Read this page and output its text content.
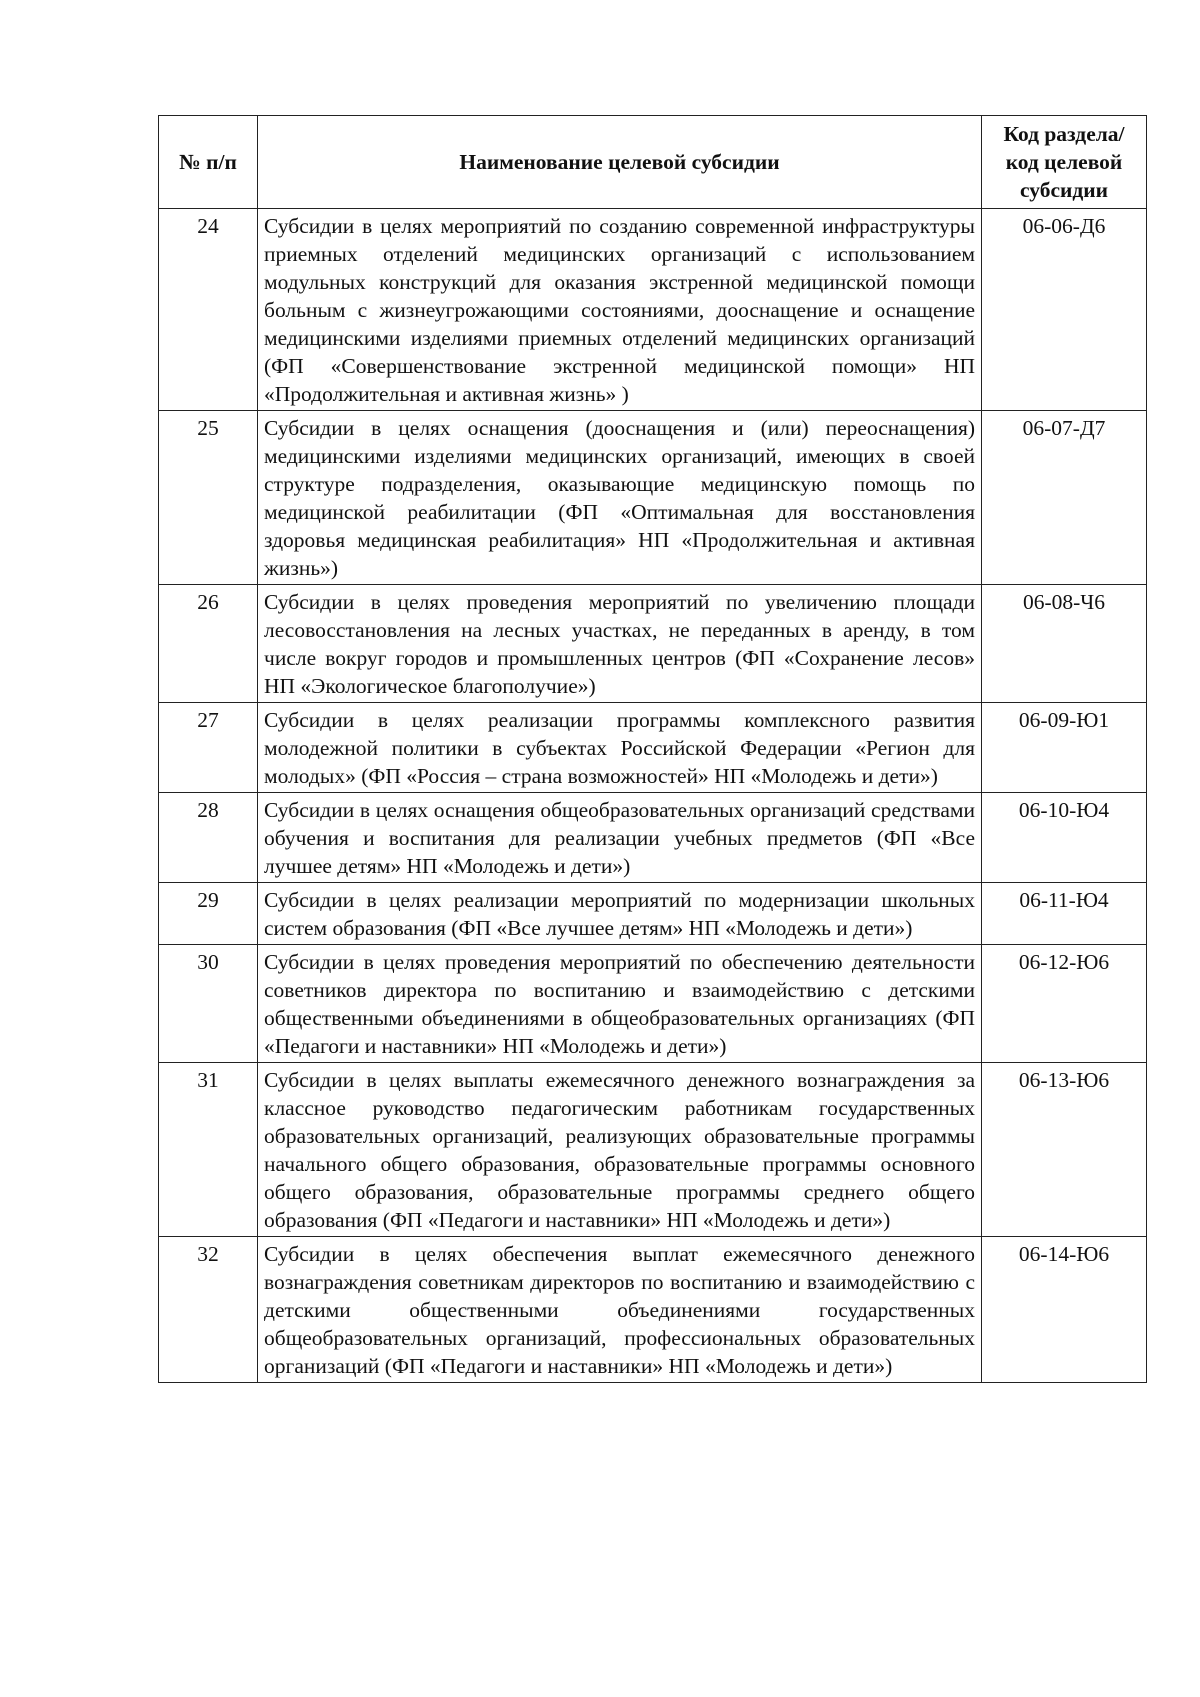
№ п/п	Наименование целевой субсидии	Код раздела/ код целевой субсидии
24	Субсидии в целях мероприятий по созданию современной инфраструктуры приемных отделений медицинских организаций с использованием модульных конструкций для оказания экстренной медицинской помощи больным с жизнеугрожающими состояниями, дооснащение и оснащение медицинскими изделиями приемных отделений медицинских организаций (ФП «Совершенствование экстренной медицинской помощи» НП «Продолжительная и активная жизнь» )	06-06-Д6
25	Субсидии в целях оснащения (дооснащения и (или) переоснащения) медицинскими изделиями медицинских организаций, имеющих в своей структуре подразделения, оказывающие медицинскую помощь по медицинской реабилитации (ФП «Оптимальная для восстановления здоровья медицинская реабилитация» НП «Продолжительная и активная жизнь»)	06-07-Д7
26	Субсидии в целях проведения мероприятий по увеличению площади лесовосстановления на лесных участках, не переданных в аренду, в том числе вокруг городов и промышленных центров (ФП «Сохранение лесов» НП «Экологическое благополучие»)	06-08-Ч6
27	Субсидии в целях реализации программы комплексного развития молодежной политики в субъектах Российской Федерации «Регион для молодых» (ФП «Россия – страна возможностей» НП «Молодежь и дети»)	06-09-Ю1
28	Субсидии в целях оснащения общеобразовательных организаций средствами обучения и воспитания для реализации учебных предметов (ФП «Все лучшее детям» НП «Молодежь и дети»)	06-10-Ю4
29	Субсидии в целях реализации мероприятий по модернизации школьных систем образования (ФП «Все лучшее детям» НП «Молодежь и дети»)	06-11-Ю4
30	Субсидии в целях проведения мероприятий по обеспечению деятельности советников директора по воспитанию и взаимодействию с детскими общественными объединениями в общеобразовательных организациях (ФП «Педагоги и наставники» НП «Молодежь и дети»)	06-12-Ю6
31	Субсидии в целях выплаты ежемесячного денежного вознаграждения за классное руководство педагогическим работникам государственных образовательных организаций, реализующих образовательные программы начального общего образования, образовательные программы основного общего образования, образовательные программы среднего общего образования (ФП «Педагоги и наставники» НП «Молодежь и дети»)	06-13-Ю6
32	Субсидии в целях обеспечения выплат ежемесячного денежного вознаграждения советникам директоров по воспитанию и взаимодействию с детскими общественными объединениями государственных общеобразовательных организаций, профессиональных образовательных организаций (ФП «Педагоги и наставники» НП «Молодежь и дети»)	06-14-Ю6
